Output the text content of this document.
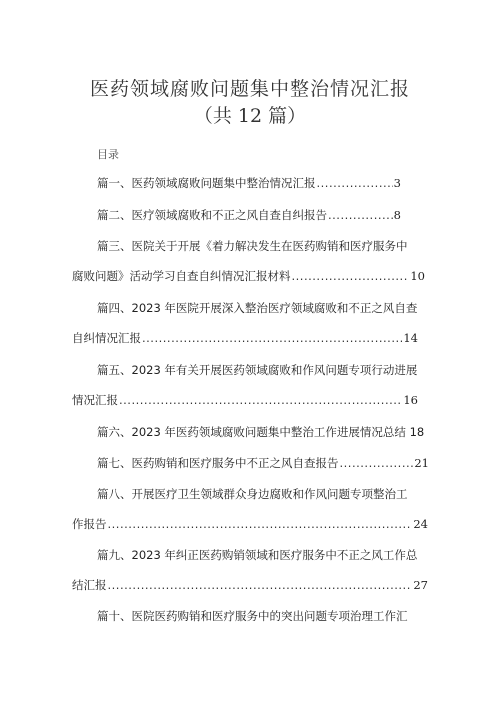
医药领域腐败问题集中整治情况汇报
（共 12 篇）
目录
篇一、医药领域腐败问题集中整治情况汇报 .....	3
篇二、医疗领域腐败和不正之风自查自纠报告 .....	8
篇三、医院关于开展《着力解决发生在医药购销和医疗服务中
腐败问题》活动学习自查自纠情况汇报材料 .....	10
篇四、2023 年医院开展深入整治医疗领域腐败和不正之风自查
自纠情况汇报 .....	14
篇五、2023 年有关开展医药领域腐败和作风问题专项行动进展
情况汇报 .....	16
篇六、2023 年医药领域腐败问题集中整治工作进展情况总结 18
篇七、医药购销和医疗服务中不正之风自查报告 .....	21
篇八、开展医疗卫生领域群众身边腐败和作风问题专项整治工
作报告 .....	24
篇九、2023 年纠正医药购销领域和医疗服务中不正之风工作总
结汇报 .....	27
篇十、医院医药购销和医疗服务中的突出问题专项治理工作汇
